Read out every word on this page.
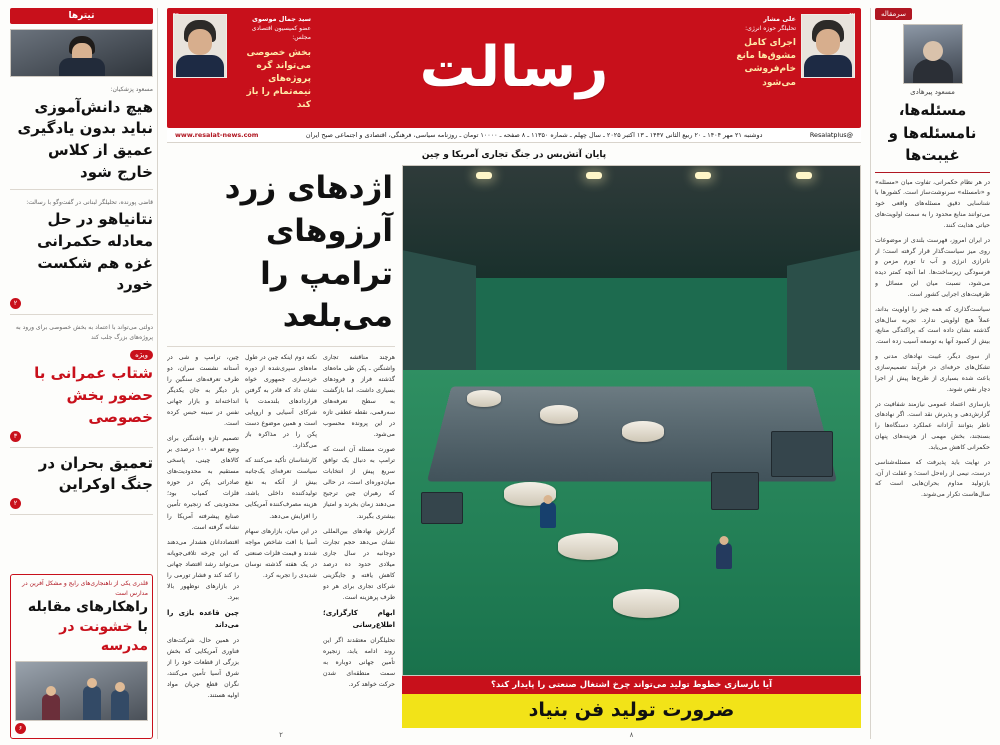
تیترها
مسعود پزشکیان:
هیچ دانش‌آموزی نباید بدون یادگیری عمیق از کلاس خارج شود
قاضی پورنده، تحلیلگر لبنانی در گفت‌وگو با رسالت:
نتانیاهو در حل معادله حکمرانی غزه هم شکست خورد
۲
دولتی می‌تواند با اعتماد به بخش خصوصی برای ورود به پروژه‌های بزرگ جلب کند
ویژه
شتاب عمرانی با حضور بخش خصوصی
۳
تعمیق بحران در جنگ اوکراین
۲
قلدری یکی از ناهنجاری‌های رایج و مشکل آفرین در مدارس است
راهکارهای مقابله با خشونت در مدرسه
۶
سید جمال موسوی
عضو کمیسیون اقتصادی مجلس:
بخش خصوصی می‌تواند گره پروژه‌های نیمه‌تمام را باز کند
رسالت
علی مشار
تحلیلگر حوزه انرژی:
اجرای کامل مشوق‌ها مانع خام‌فروشی می‌شود
www.resalat-news.com	دوشنبه ۲۱ مهر ۱۴۰۴ ـ ۲۰ ربیع الثانی ۱۴۴۷ ـ ۱۳ اکتبر ۲۰۲۵ ـ سال چهلم ـ شماره ۱۱۳۵۰ ـ ۸ صفحه ـ ۱۰۰۰۰ تومان ـ روزنامه سیاسی، فرهنگی، اقتصادی و اجتماعی صبح ایران	@Resalatplus
پایان آتش‌بس در جنگ تجاری آمریکا و چین
اژدهای زرد
آرزوهای ترامپ را
می‌بلعد

چین، ترامپ و شی در آستانه نشست سران، دو طرف تعرفه‌های سنگین را بار دیگر به جان یکدیگر انداخته‌اند و بازار جهانی نفس در سینه حبس کرده است.

تصمیم تازه واشنگتن برای وضع تعرفه ۱۰۰ درصدی بر کالاهای چینی، پاسخی مستقیم به محدودیت‌های صادراتی پکن در حوزه فلزات کمیاب بود؛ محدودیتی که زنجیره تأمین صنایع پیشرفته آمریکا را نشانه گرفته است.

اقتصاددانان هشدار می‌دهند که این چرخه تلافی‌جویانه می‌تواند رشد اقتصاد جهانی را کند کند و فشار تورمی را در بازارهای نوظهور بالا ببرد.

چین قاعده بازی را می‌داند

در همین حال، شرکت‌های فناوری آمریکایی که بخش بزرگی از قطعات خود را از شرق آسیا تأمین می‌کنند، نگران قطع جریان مواد اولیه هستند.

نکته دوم اینکه چین در طول ماه‌های سپری‌شده از دوره خردسازی جمهوری خواه نشان داد که قادر به گرفتن قراردادهای بلندمدت با شرکای آسیایی و اروپایی است و همین موضوع دست پکن را در مذاکره باز می‌گذارد.

کارشناسان تأکید می‌کنند که سیاست تعرفه‌ای یک‌جانبه بیش از آنکه به نفع تولیدکننده داخلی باشد، هزینه مصرف‌کننده آمریکایی را افزایش می‌دهد.

در این میان، بازارهای سهام آسیا با افت شاخص مواجه شدند و قیمت فلزات صنعتی در یک هفته گذشته نوسان شدیدی را تجربه کرد.

هرچند مناقشه تجاری واشنگتن ـ پکن طی ماه‌های گذشته فراز و فرودهای بسیاری داشت، اما بازگشت به سطح تعرفه‌های سه‌رقمی، نقطه عطفی تازه در این پرونده محسوب می‌شود.

صورت مسئله آن است که ترامپ به دنبال یک توافق سریع پیش از انتخابات میان‌دوره‌ای است، در حالی که رهبران چین ترجیح می‌دهند زمان بخرند و امتیاز بیشتری بگیرند.

گزارش نهادهای بین‌المللی نشان می‌دهد حجم تجارت دوجانبه در سال جاری میلادی حدود ده درصد کاهش یافته و جایگزینی شرکای تجاری برای هر دو طرف پرهزینه است.

ابهام کارگزاری؛ اطلاع‌رسانی

تحلیلگران معتقدند اگر این روند ادامه یابد، زنجیره تأمین جهانی دوباره به سمت منطقه‌ای شدن حرکت خواهد کرد.

۲
آیا بازسازی خطوط تولید می‌تواند چرخ اشتغال صنعتی را پایدار کند؟
ضرورت تولید فن بنیاد
۸
سرمقاله
مسعود پیرهادی
مسئله‌ها، نامسئله‌ها و غیبت‌ها

در هر نظام حکمرانی، تفاوت میان «مسئله» و «نامسئله» سرنوشت‌ساز است. کشورها با شناسایی دقیق مسئله‌های واقعی خود می‌توانند منابع محدود را به سمت اولویت‌های حیاتی هدایت کنند.

در ایران امروز، فهرست بلندی از موضوعات روی میز سیاست‌گذار قرار گرفته است؛ از ناترازی انرژی و آب تا تورم مزمن و فرسودگی زیرساخت‌ها. اما آنچه کمتر دیده می‌شود، نسبت میان این مسائل و ظرفیت‌های اجرایی کشور است.

سیاست‌گذاری که همه چیز را اولویت بداند، عملاً هیچ اولویتی ندارد. تجربه سال‌های گذشته نشان داده است که پراکندگی منابع، بیش از کمبود آنها به توسعه آسیب زده است.

از سوی دیگر، غیبت نهادهای مدنی و تشکل‌های حرفه‌ای در فرآیند تصمیم‌سازی باعث شده بسیاری از طرح‌ها پیش از اجرا دچار نقص شوند.

بازسازی اعتماد عمومی نیازمند شفافیت در گزارش‌دهی و پذیرش نقد است. اگر نهادهای ناظر بتوانند آزادانه عملکرد دستگاه‌ها را بسنجند، بخش مهمی از هزینه‌های پنهان حکمرانی کاهش می‌یابد.

در نهایت باید پذیرفت که مسئله‌شناسی درست، نیمی از راه‌حل است؛ و غفلت از آن، بازتولید مداوم بحران‌هایی است که سال‌هاست تکرار می‌شوند.
